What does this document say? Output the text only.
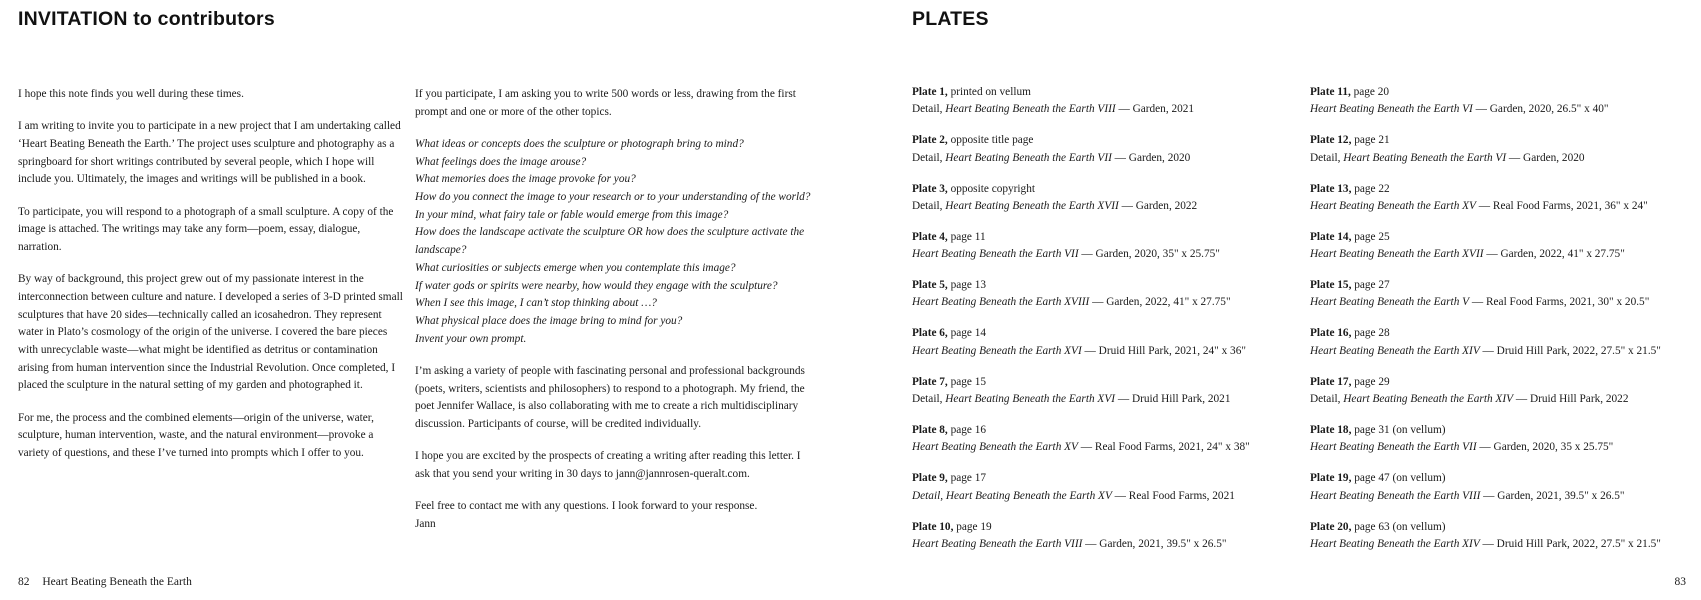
INVITATION to contributors

I hope this note finds you well during these times.

I am writing to invite you to participate in a new project that I am undertaking called ‘Heart Beating Beneath the Earth.’ The project uses sculpture and photography as a springboard for short writings contributed by several people, which I hope will include you. Ultimately, the images and writings will be published in a book.

To participate, you will respond to a photograph of a small sculpture. A copy of the image is attached. The writings may take any form—poem, essay, dialogue, narration.

By way of background, this project grew out of my passionate interest in the interconnection between culture and nature. I developed a series of 3-D printed small sculptures that have 20 sides—technically called an icosahedron. They represent water in Plato’s cosmology of the origin of the universe. I covered the bare pieces with unrecyclable waste—what might be identified as detritus or contamination arising from human intervention since the Industrial Revolution. Once completed, I placed the sculpture in the natural setting of my garden and photographed it.

For me, the process and the combined elements—origin of the universe, water, sculpture, human intervention, waste, and the natural environment—provoke a variety of questions, and these I’ve turned into prompts which I offer to you.

If you participate, I am asking you to write 500 words or less, drawing from the first prompt and one or more of the other topics.

What ideas or concepts does the sculpture or photograph bring to mind?
What feelings does the image arouse?
What memories does the image provoke for you?
How do you connect the image to your research or to your understanding of the world?
In your mind, what fairy tale or fable would emerge from this image?
How does the landscape activate the sculpture OR how does the sculpture activate the landscape?
What curiosities or subjects emerge when you contemplate this image?
If water gods or spirits were nearby, how would they engage with the sculpture?
When I see this image, I can’t stop thinking about …?
What physical place does the image bring to mind for you?
Invent your own prompt.

I’m asking a variety of people with fascinating personal and professional backgrounds (poets, writers, scientists and philosophers) to respond to a photograph. My friend, the poet Jennifer Wallace, is also collaborating with me to create a rich multidisciplinary discussion. Participants of course, will be credited individually.

I hope you are excited by the prospects of creating a writing after reading this letter. I ask that you send your writing in 30 days to jann@jannrosen-queralt.com.

Feel free to contact me with any questions. I look forward to your response.
Jann

82 Heart Beating Beneath the Earth
PLATES
83
Plate 1, printed on vellum
Detail, Heart Beating Beneath the Earth VIII — Garden, 2021
Plate 2, opposite title page
Detail, Heart Beating Beneath the Earth VII — Garden, 2020
Plate 3, opposite copyright
Detail, Heart Beating Beneath the Earth XVII — Garden, 2022
Plate 4, page 11
Heart Beating Beneath the Earth VII — Garden, 2020, 35" x 25.75"
Plate 5, page 13
Heart Beating Beneath the Earth XVIII — Garden, 2022, 41" x 27.75"
Plate 6, page 14
Heart Beating Beneath the Earth XVI — Druid Hill Park, 2021, 24" x 36"
Plate 7, page 15
Detail, Heart Beating Beneath the Earth XVI — Druid Hill Park, 2021
Plate 8, page 16
Heart Beating Beneath the Earth XV — Real Food Farms, 2021, 24" x 38"
Plate 9, page 17
Detail, Heart Beating Beneath the Earth XV — Real Food Farms, 2021
Plate 10, page 19
Heart Beating Beneath the Earth VIII — Garden, 2021, 39.5" x 26.5"
Plate 11, page 20
Heart Beating Beneath the Earth VI — Garden, 2020, 26.5" x 40"
Plate 12, page 21
Detail, Heart Beating Beneath the Earth VI — Garden, 2020
Plate 13, page 22
Heart Beating Beneath the Earth XV — Real Food Farms, 2021, 36" x 24"
Plate 14, page 25
Heart Beating Beneath the Earth XVII — Garden, 2022, 41" x 27.75"
Plate 15, page 27
Heart Beating Beneath the Earth V — Real Food Farms, 2021, 30" x 20.5"
Plate 16, page 28
Heart Beating Beneath the Earth XIV — Druid Hill Park, 2022, 27.5" x 21.5"
Plate 17, page 29
Detail, Heart Beating Beneath the Earth XIV — Druid Hill Park, 2022
Plate 18, page 31 (on vellum)
Heart Beating Beneath the Earth VII — Garden, 2020, 35 x 25.75"
Plate 19, page 47 (on vellum)
Heart Beating Beneath the Earth VIII — Garden, 2021, 39.5" x 26.5"
Plate 20, page 63 (on vellum)
Heart Beating Beneath the Earth XIV — Druid Hill Park, 2022, 27.5" x 21.5"
